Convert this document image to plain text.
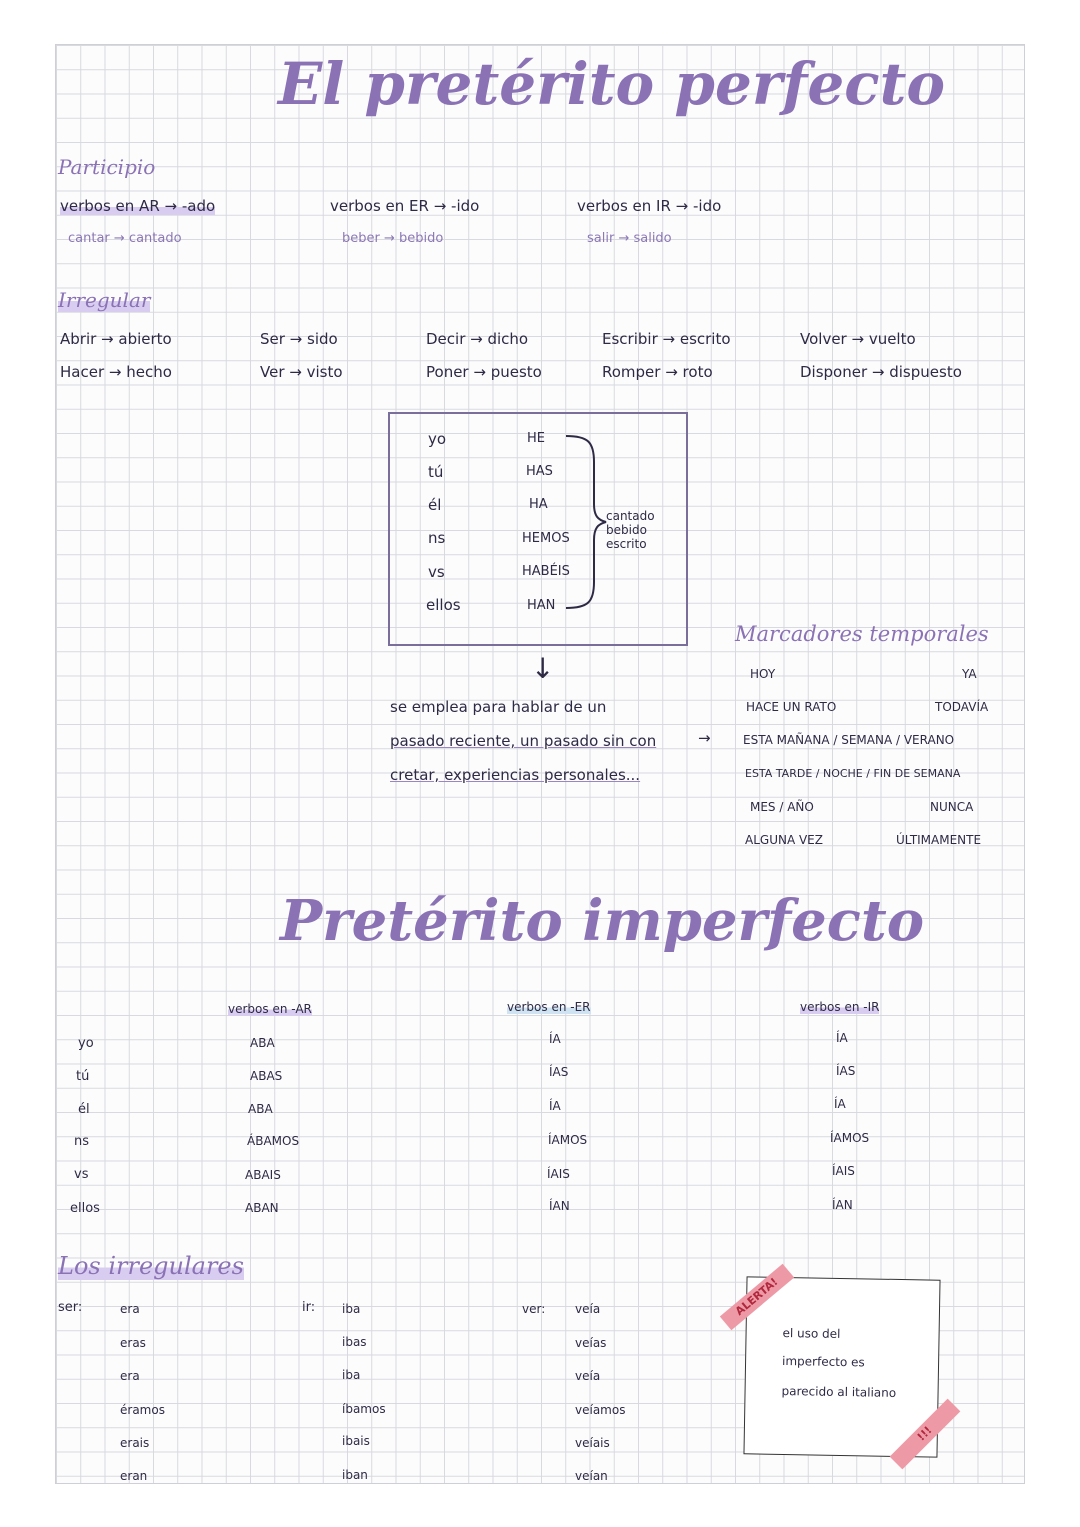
El pretérito perfecto
Participio
verbos en AR → -ado
cantar → cantado
verbos en ER → -ido
beber → bebido
verbos en IR → -ido
salir → salido
Irregular
Abrir → abierto
Hacer → hecho
Ser → sido
Ver → visto
Decir → dicho
Poner → puesto
Escribir → escrito
Romper → roto
Volver → vuelto
Disponer → dispuesto
yo
tú
él
ns
vs
ellos
HE
HAS
HA
HEMOS
HABÉIS
HAN
cantado
bebido
escrito
↓
se emplea para hablar de un
pasado reciente, un pasado sin con
cretar, experiencias personales...
→
Marcadores temporales
HOY
HACE UN RATO
ESTA MAÑANA / SEMANA / VERANO
ESTA TARDE / NOCHE / FIN DE SEMANA
MES / AÑO
ALGUNA VEZ
YA
TODAVÍA
NUNCA
ÚLTIMAMENTE
Pretérito imperfecto
yo
tú
él
ns
vs
ellos
verbos en -AR
ABA
ABAS
ABA
ÁBAMOS
ABAIS
ABAN
verbos en -ER
ÍA
ÍAS
ÍA
ÍAMOS
ÍAIS
ÍAN
verbos en -IR
ÍA
ÍAS
ÍA
ÍAMOS
ÍAIS
ÍAN
Los irregulares
ser:	era
eras
era
éramos
erais
eran
ir: iba
ibas
iba
íbamos
ibais
iban
ver: veía
veías
veía
veíamos
veíais
veían
el uso del
imperfecto es
parecido al italiano
ALERTA!
!!!
